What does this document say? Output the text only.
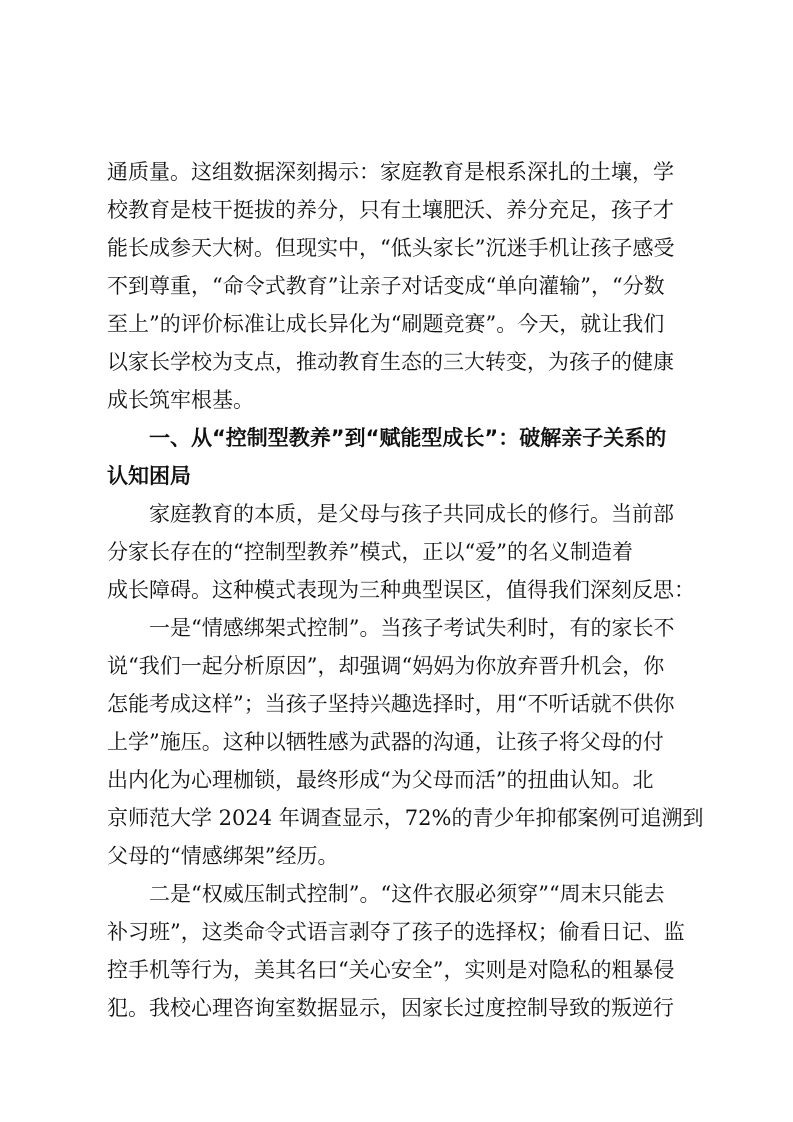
通质量。这组数据深刻揭示：家庭教育是根系深扎的土壤，学
校教育是枝干挺拔的养分，只有土壤肥沃、养分充足，孩子才
能长成参天大树。但现实中，“低头家长”沉迷手机让孩子感受
不到尊重，“命令式教育”让亲子对话变成“单向灌输”，“分数
至上”的评价标准让成长异化为“刷题竞赛”。今天，就让我们
以家长学校为支点，推动教育生态的三大转变，为孩子的健康
成长筑牢根基。
一、从“控制型教养”到“赋能型成长”：破解亲子关系的
认知困局
家庭教育的本质，是父母与孩子共同成长的修行。当前部
分家长存在的“控制型教养”模式，正以“爱”的名义制造着
成长障碍。这种模式表现为三种典型误区，值得我们深刻反思：
一是“情感绑架式控制”。当孩子考试失利时，有的家长不
说“我们一起分析原因”，却强调“妈妈为你放弃晋升机会，你
怎能考成这样”；当孩子坚持兴趣选择时，用“不听话就不供你
上学”施压。这种以牺牲感为武器的沟通，让孩子将父母的付
出内化为心理枷锁，最终形成“为父母而活”的扭曲认知。北
京师范大学 2024 年调查显示，72%的青少年抑郁案例可追溯到
父母的“情感绑架”经历。
二是“权威压制式控制”。“这件衣服必须穿”“周末只能去
补习班”，这类命令式语言剥夺了孩子的选择权；偷看日记、监
控手机等行为，美其名曰“关心安全”，实则是对隐私的粗暴侵
犯。我校心理咨询室数据显示，因家长过度控制导致的叛逆行
